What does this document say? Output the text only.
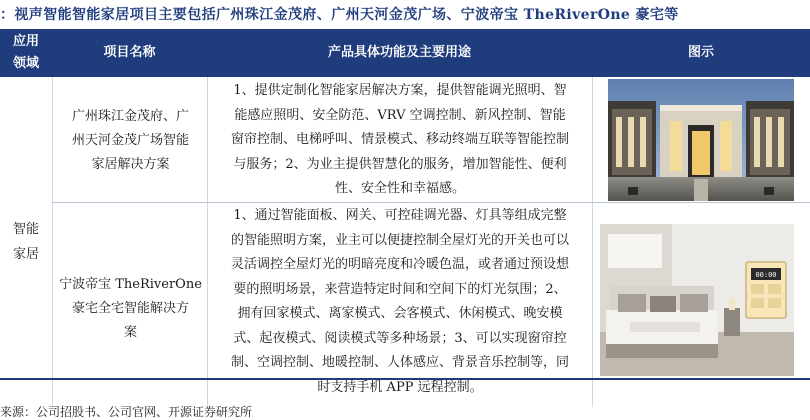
：视声智能智能家居项目主要包括广州珠江金茂府、广州天河金茂广场、宁波帝宝 TheRiverOne 豪宅等
应用
领域
项目名称	产品具体功能及主要用途	图示
智能
家居
广州珠江金茂府、广
州天河金茂广场智能
家居解决方案

1、提供定制化智能家居解决方案，提供智能调光照明、智

能感应照明、安全防范、VRV 空调控制、新风控制、智能

窗帘控制、电梯呼叫、情景模式、移动终端互联等智能控制

与服务；2、为业主提供智慧化的服务，增加智能性、便利

性、安全性和幸福感。

宁波帝宝 TheRiverOne
豪宅全宅智能解决方
案

1、通过智能面板、网关、可控硅调光器、灯具等组成完整

的智能照明方案，业主可以便捷控制全屋灯光的开关也可以

灵活调控全屋灯光的明暗亮度和冷暖色温，或者通过预设想

要的照明场景，来营造特定时间和空间下的灯光氛围；2、

拥有回家模式、离家模式、会客模式、休闲模式、晚安模

式、起夜模式、阅读模式等多种场景；3、可以实现窗帘控

制、空调控制、地暖控制、人体感应、背景音乐控制等，同

时支持手机 APP 远程控制。

00:00
来源：公司招股书、公司官网、开源证券研究所
